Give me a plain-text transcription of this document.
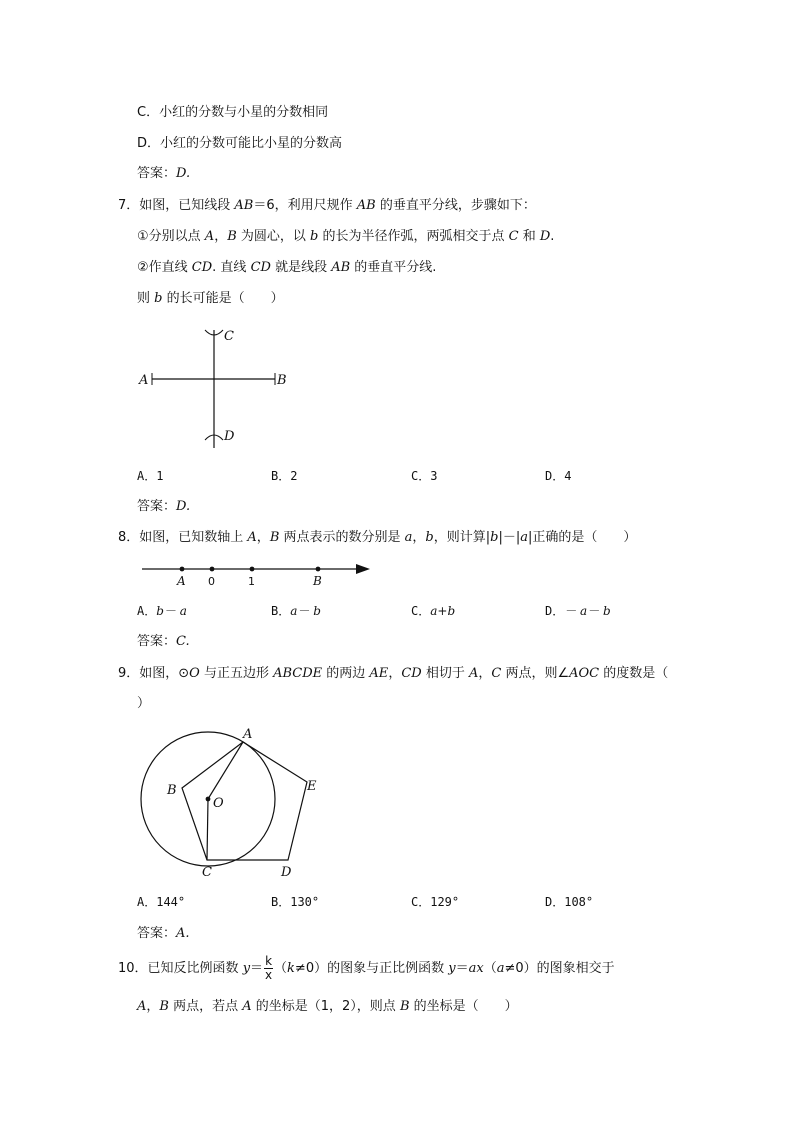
C．小红的分数与小星的分数相同
D．小红的分数可能比小星的分数高
答案：D.
7．如图，已知线段 AB＝6，利用尺规作 AB 的垂直平分线，步骤如下：
①分别以点 A，B 为圆心，以 b 的长为半径作弧，两弧相交于点 C 和 D.
②作直线 CD. 直线 CD 就是线段 AB 的垂直平分线.
则 b 的长可能是（　　）
A	B
C
D
A．1	B．2	C．3	D．4
答案：D.
8．如图，已知数轴上 A，B 两点表示的数分别是 a，b，则计算|b|－|a|正确的是（　　）
A 0	1	B
A．b－ a	B．a－ b	C．a+b	D．－ a－ b
答案：C.
9．如图，⊙O 与正五边形 ABCDE 的两边 AE，CD 相切于 A，C 两点，则∠AOC 的度数是（
）
A
B
C	D
E
O
A．144°	B．130°	C．129°	D．108°
答案：A.
10．已知反比例函数 $y= \frac{k}{x} (k\ne 0)$的图象与正比例函数 y＝ax（a≠0）的图象相交于
A，B 两点，若点 A 的坐标是（1，2），则点 B 的坐标是（　　）
